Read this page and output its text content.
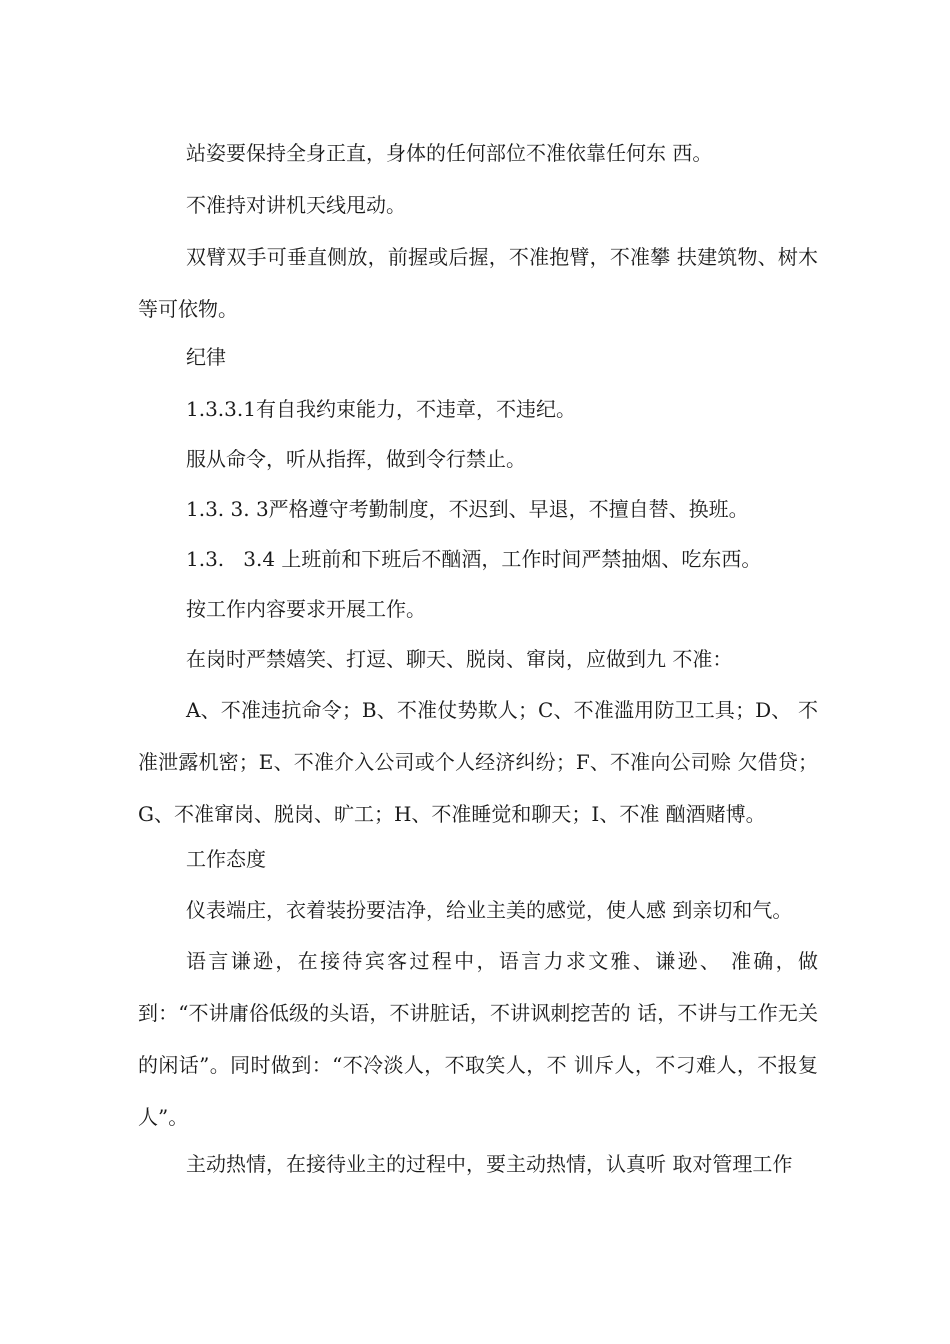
站姿要保持全身正直，身体的任何部位不准依靠任何东 西。

不准持对讲机天线甩动。

双臂双手可垂直侧放，前握或后握，不准抱臂，不准攀 扶建筑物、树木等可依物。

纪律

1.3.3.1有自我约束能力，不违章，不违纪。

服从命令，听从指挥，做到令行禁止。

1.3. 3. 3严格遵守考勤制度，不迟到、早退，不擅自替、换班。

1.3.   3.4 上班前和下班后不酗酒，工作时间严禁抽烟、吃东西。

按工作内容要求开展工作。

在岗时严禁嬉笑、打逗、聊天、脱岗、窜岗，应做到九 不准：

A、不准违抗命令；B、不准仗势欺人；C、不准滥用防卫工具；D、 不准泄露机密；E、不准介入公司或个人经济纠纷；F、不准向公司赊 欠借贷；G、不准窜岗、脱岗、旷工；H、不准睡觉和聊天；I、不准 酗酒赌博。

工作态度

仪表端庄，衣着装扮要洁净，给业主美的感觉，使人感 到亲切和气。

语言谦逊，在接待宾客过程中，语言力求文雅、谦逊、 准确，做到：“不讲庸俗低级的头语，不讲脏话，不讲讽刺挖苦的 话，不讲与工作无关的闲话”。同时做到：“不冷淡人，不取笑人，不 训斥人，不刁难人，不报复人”。

主动热情，在接待业主的过程中，要主动热情，认真听 取对管理工作
